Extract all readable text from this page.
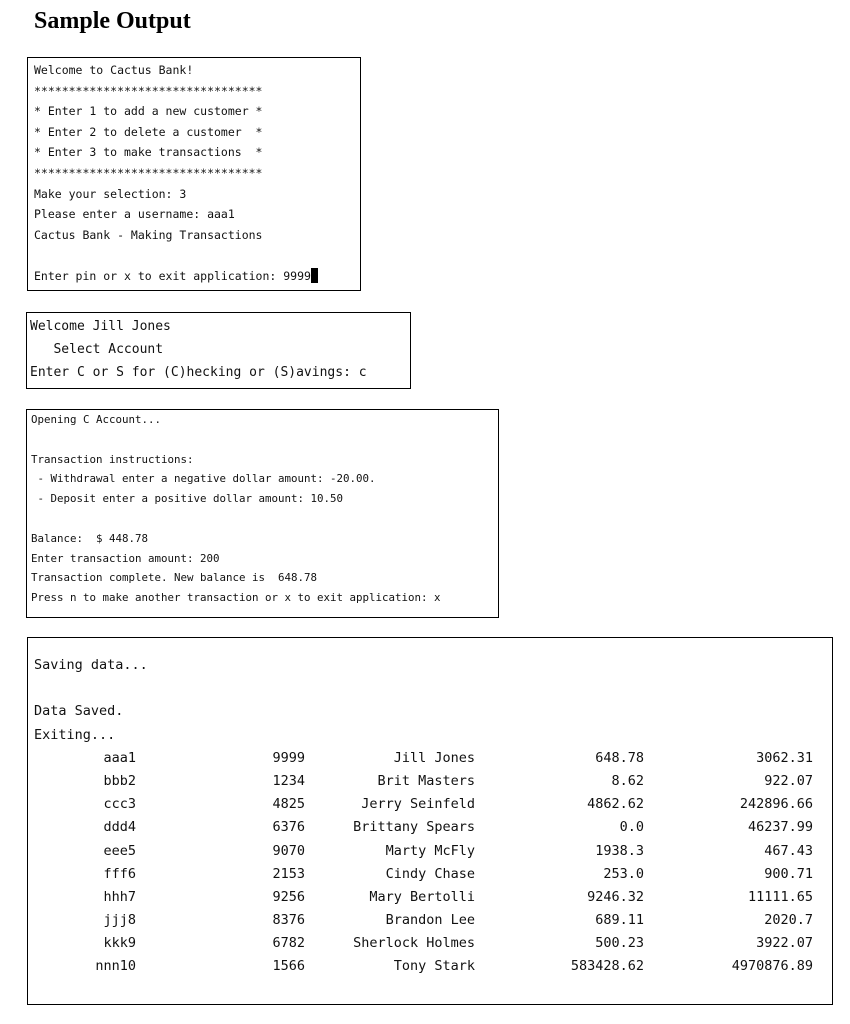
Sample Output
Welcome to Cactus Bank!
*********************************
* Enter 1 to add a new customer *
* Enter 2 to delete a customer  *
* Enter 3 to make transactions  *
*********************************
Make your selection: 3
Please enter a username: aaa1
Cactus Bank - Making Transactions
Enter pin or x to exit application: 9999
Welcome Jill Jones
Select Account
Enter C or S for (C)hecking or (S)avings: c
Opening C Account...
Transaction instructions:
- Withdrawal enter a negative dollar amount: -20.00.
- Deposit enter a positive dollar amount: 10.50
Balance:  $ 448.78
Enter transaction amount: 200
Transaction complete. New balance is  648.78
Press n to make another transaction or x to exit application: x
Saving data...
Data Saved.
Exiting...
aaa1	9999	Jill Jones	648.78	3062.31
bbb2	1234	Brit Masters	8.62	922.07
ccc3	4825	Jerry Seinfeld	4862.62	242896.66
ddd4	6376	Brittany Spears	0.0	46237.99
eee5	9070	Marty McFly	1938.3	467.43
fff6	2153	Cindy Chase	253.0	900.71
hhh7	9256	Mary Bertolli	9246.32	11111.65
jjj8	8376	Brandon Lee	689.11	2020.7
kkk9	6782	Sherlock Holmes	500.23	3922.07
nnn10	1566	Tony Stark	583428.62	4970876.89
